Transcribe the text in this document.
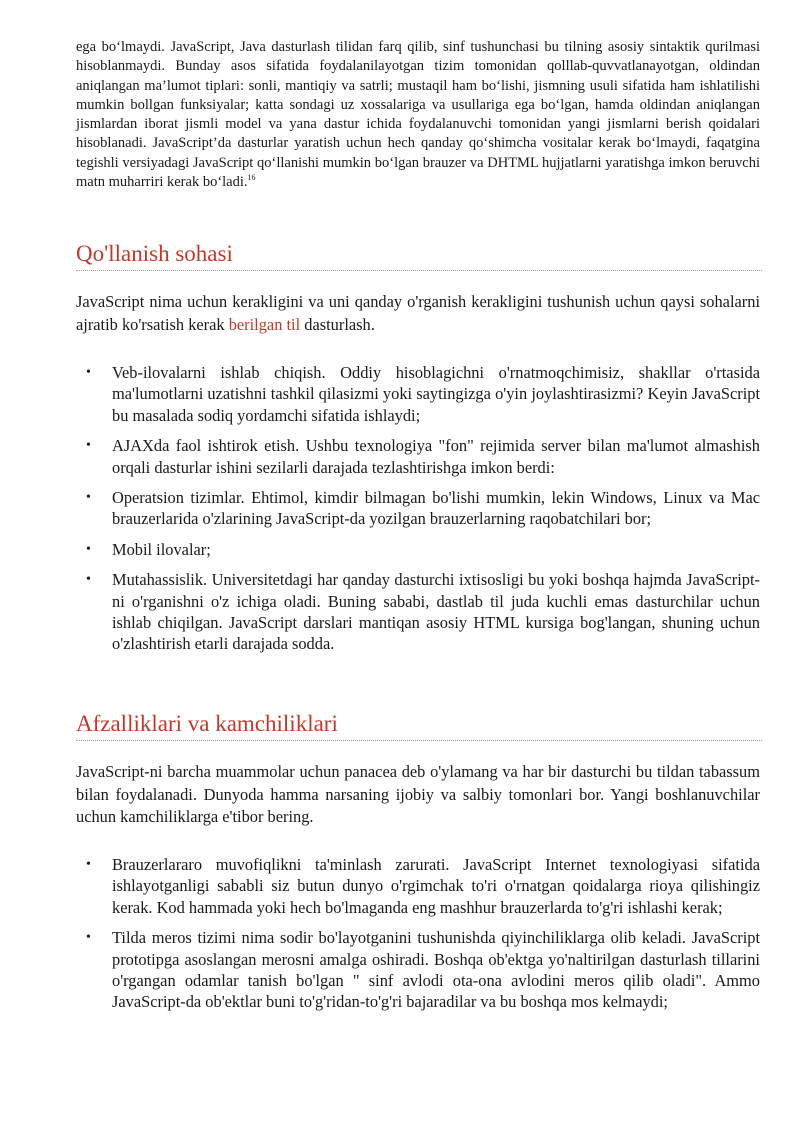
ega bo‘lmaydi. JavaScript, Java dasturlash tilidan farq qilib, sinf tushunchasi bu tilning asosiy sintaktik qurilmasi hisoblanmaydi. Bunday asos sifatida foydalanilayotgan tizim tomonidan qolllab-quvvatlanayotgan, oldindan aniqlangan ma’lumot tiplari: sonli, mantiqiy va satrli; mustaqil ham bo‘lishi, jismning usuli sifatida ham ishlatilishi mumkin bollgan funksiyalar; katta sondagi uz xossalariga va usullariga ega bo‘lgan, hamda oldindan aniqlangan jismlardan iborat jismli model va yana dastur ichida foydalanuvchi tomonidan yangi jismlarni berish qoidalari hisoblanadi. JavaScript’da dasturlar yaratish uchun hech qanday qo‘shimcha vositalar kerak bo‘lmaydi, faqatgina tegishli versiyadagi JavaScript qo‘llanishi mumkin bo‘lgan brauzer va DHTML hujjatlarni yaratishga imkon beruvchi matn muharriri kerak bo‘ladi.$^{16}$

Qo'llanish sohasi

JavaScript nima uchun kerakligini va uni qanday o'rganish kerakligini tushunish uchun qaysi sohalarni ajratib ko'rsatish kerak berilgan til dasturlash.

• Veb-ilovalarni ishlab chiqish. Oddiy hisoblagichni o'rnatmoqchimisiz, shakllar o'rtasida ma'lumotlarni uzatishni tashkil qilasizmi yoki saytingizga o'yin joylashtirasizmi? Keyin JavaScript bu masalada sodiq yordamchi sifatida ishlaydi;
• AJAXda faol ishtirok etish. Ushbu texnologiya "fon" rejimida server bilan ma'lumot almashish orqali dasturlar ishini sezilarli darajada tezlashtirishga imkon berdi:
• Operatsion tizimlar. Ehtimol, kimdir bilmagan bo'lishi mumkin, lekin Windows, Linux va Mac brauzerlarida o'zlarining JavaScript-da yozilgan brauzerlarning raqobatchilari bor;
• Mobil ilovalar;
• Mutahassislik. Universitetdagi har qanday dasturchi ixtisosligi bu yoki boshqa hajmda JavaScript-ni o'rganishni o'z ichiga oladi. Buning sababi, dastlab til juda kuchli emas dasturchilar uchun ishlab chiqilgan. JavaScript darslari mantiqan asosiy HTML kursiga bog'langan, shuning uchun o'zlashtirish etarli darajada sodda.
Afzalliklari va kamchiliklari

JavaScript-ni barcha muammolar uchun panacea deb o'ylamang va har bir dasturchi bu tildan tabassum bilan foydalanadi. Dunyoda hamma narsaning ijobiy va salbiy tomonlari bor. Yangi boshlanuvchilar uchun kamchiliklarga e'tibor bering.

• Brauzerlararo muvofiqlikni ta'minlash zarurati. JavaScript Internet texnologiyasi sifatida ishlayotganligi sababli siz butun dunyo o'rgimchak to'ri o'rnatgan qoidalarga rioya qilishingiz kerak. Kod hammada yoki hech bo'lmaganda eng mashhur brauzerlarda to'g'ri ishlashi kerak;
• Tilda meros tizimi nima sodir bo'layotganini tushunishda qiyinchiliklarga olib keladi. JavaScript prototipga asoslangan merosni amalga oshiradi. Boshqa ob'ektga yo'naltirilgan dasturlash tillarini o'rgangan odamlar tanish bo'lgan " sinf avlodi ota-ona avlodini meros qilib oladi". Ammo JavaScript-da ob'ektlar buni to'g'ridan-to'g'ri bajaradilar va bu boshqa mos kelmaydi;
